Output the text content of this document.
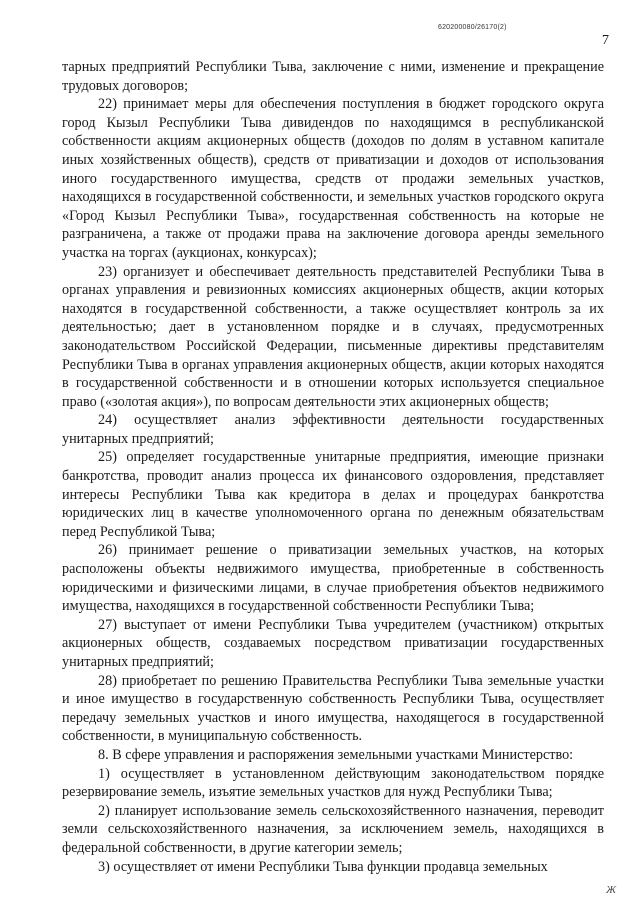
620200080/26170(2)
7

тарных предприятий Республики Тыва, заключение с ними, изменение и прекращение трудовых договоров;

22) принимает меры для обеспечения поступления в бюджет городского округа город Кызыл Республики Тыва дивидендов по находящимся в республиканской собственности акциям акционерных обществ (доходов по долям в уставном капитале иных хозяйственных обществ), средств от приватизации и доходов от использования иного государственного имущества, средств от продажи земельных участков, находящихся в государственной собственности, и земельных участков городского округа «Город Кызыл Республики Тыва», государственная собственность на которые не разграничена, а также от продажи права на заключение договора аренды земельного участка на торгах (аукционах, конкурсах);

23) организует и обеспечивает деятельность представителей Республики Тыва в органах управления и ревизионных комиссиях акционерных обществ, акции которых находятся в государственной собственности, а также осуществляет контроль за их деятельностью; дает в установленном порядке и в случаях, предусмотренных законодательством Российской Федерации, письменные директивы представителям Республики Тыва в органах управления акционерных обществ, акции которых находятся в государственной собственности и в отношении которых используется специальное право («золотая акция»), по вопросам деятельности этих акционерных обществ;

24) осуществляет анализ эффективности деятельности государственных унитарных предприятий;

25) определяет государственные унитарные предприятия, имеющие признаки банкротства, проводит анализ процесса их финансового оздоровления, представляет интересы Республики Тыва как кредитора в делах и процедурах банкротства юридических лиц в качестве уполномоченного органа по денежным обязательствам перед Республикой Тыва;

26) принимает решение о приватизации земельных участков, на которых расположены объекты недвижимого имущества, приобретенные в собственность юридическими и физическими лицами, в случае приобретения объектов недвижимого имущества, находящихся в государственной собственности Республики Тыва;

27) выступает от имени Республики Тыва учредителем (участником) открытых акционерных обществ, создаваемых посредством приватизации государственных унитарных предприятий;

28) приобретает по решению Правительства Республики Тыва земельные участки и иное имущество в государственную собственность Республики Тыва, осуществляет передачу земельных участков и иного имущества, находящегося в государственной собственности, в муниципальную собственность.

8. В сфере управления и распоряжения земельными участками Министерство:

1) осуществляет в установленном действующим законодательством порядке резервирование земель, изъятие земельных участков для нужд Республики Тыва;

2) планирует использование земель сельскохозяйственного назначения, переводит земли сельскохозяйственного назначения, за исключением земель, находящихся в федеральной собственности, в другие категории земель;

3) осуществляет от имени Республики Тыва функции продавца земельных

Ж
